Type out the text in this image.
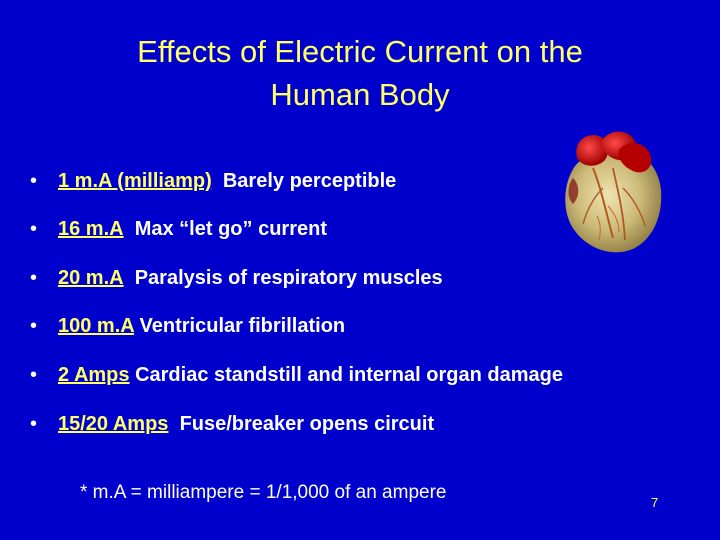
Effects of Electric Current on the
Human Body
• 1 m.A (milliamp) Barely perceptible
• 16 m.A Max “let go” current
• 20 m.A Paralysis of respiratory muscles
• 100 m.A Ventricular fibrillation
• 2 Amps Cardiac standstill and internal organ damage
• 15/20 Amps Fuse/breaker opens circuit
* m.A = milliampere = 1/1,000 of an ampere	7
